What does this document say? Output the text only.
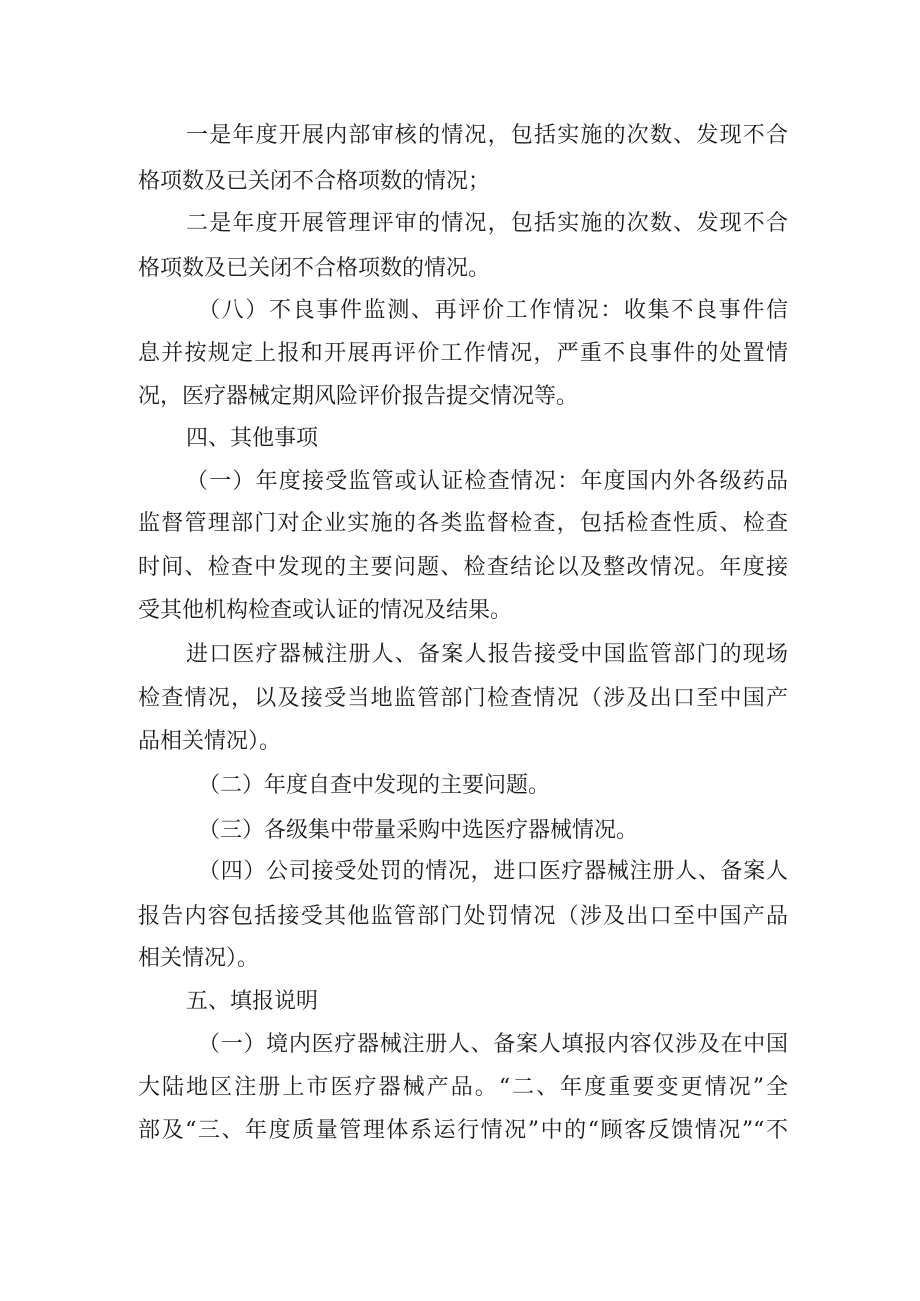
一是年度开展内部审核的情况，包括实施的次数、发现不合
格项数及已关闭不合格项数的情况；
二是年度开展管理评审的情况，包括实施的次数、发现不合
格项数及已关闭不合格项数的情况。
（八）不良事件监测、再评价工作情况：收集不良事件信
息并按规定上报和开展再评价工作情况，严重不良事件的处置情
况，医疗器械定期风险评价报告提交情况等。
四、其他事项
（一）年度接受监管或认证检查情况：年度国内外各级药品
监督管理部门对企业实施的各类监督检查，包括检查性质、检查
时间、检查中发现的主要问题、检查结论以及整改情况。年度接
受其他机构检查或认证的情况及结果。
进口医疗器械注册人、备案人报告接受中国监管部门的现场
检查情况，以及接受当地监管部门检查情况（涉及出口至中国产
品相关情况）。
（二）年度自查中发现的主要问题。
（三）各级集中带量采购中选医疗器械情况。
（四）公司接受处罚的情况，进口医疗器械注册人、备案人
报告内容包括接受其他监管部门处罚情况（涉及出口至中国产品
相关情况）。
五、填报说明
（一）境内医疗器械注册人、备案人填报内容仅涉及在中国
大陆地区注册上市医疗器械产品。“二、年度重要变更情况”全
部及“三、年度质量管理体系运行情况”中的“顾客反馈情况”“不
